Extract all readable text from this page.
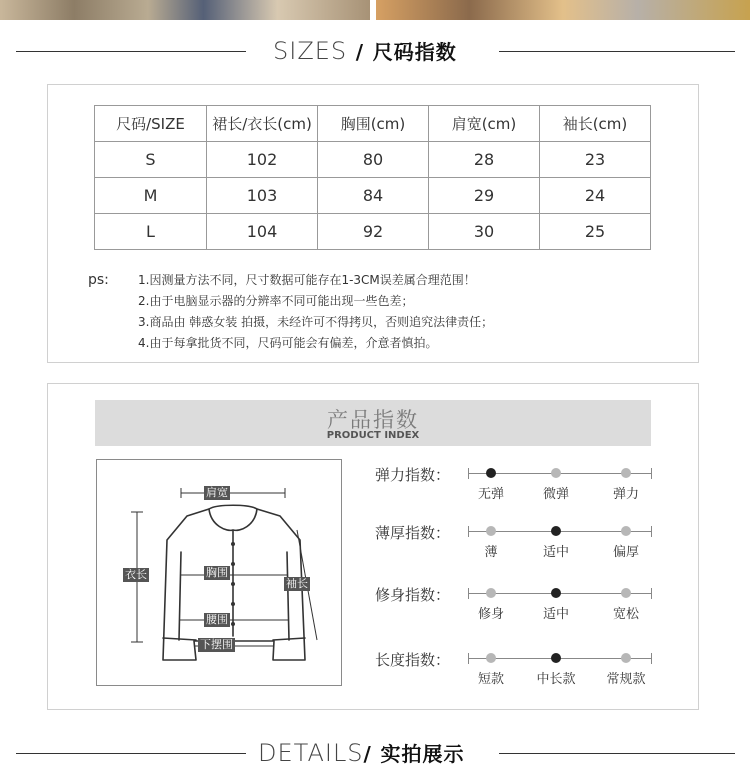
SIZES / 尺码指数
尺码/SIZE	裙长/衣长(cm)	胸围(cm)	肩宽(cm)	袖长(cm)
S	102	80	28	23
M	103	84	29	24
L	104	92	30	25
ps: 1.因测量方法不同，尺寸数据可能存在1-3CM误差属合理范围！
2.由于电脑显示器的分辨率不同可能出现一些色差；
3.商品由 韩惑女装 拍摄，未经许可不得拷贝，否则追究法律责任；
4.由于每拿批货不同，尺码可能会有偏差，介意者慎拍。
产品指数
PRODUCT INDEX
肩宽
衣长	胸围
袖长
腰围
下摆围
弹力指数：
无弹	微弹	弹力
薄厚指数：
薄	适中	偏厚
修身指数：
修身	适中	宽松
长度指数：
短款	中长款	常规款
DETAILS/ 实拍展示
